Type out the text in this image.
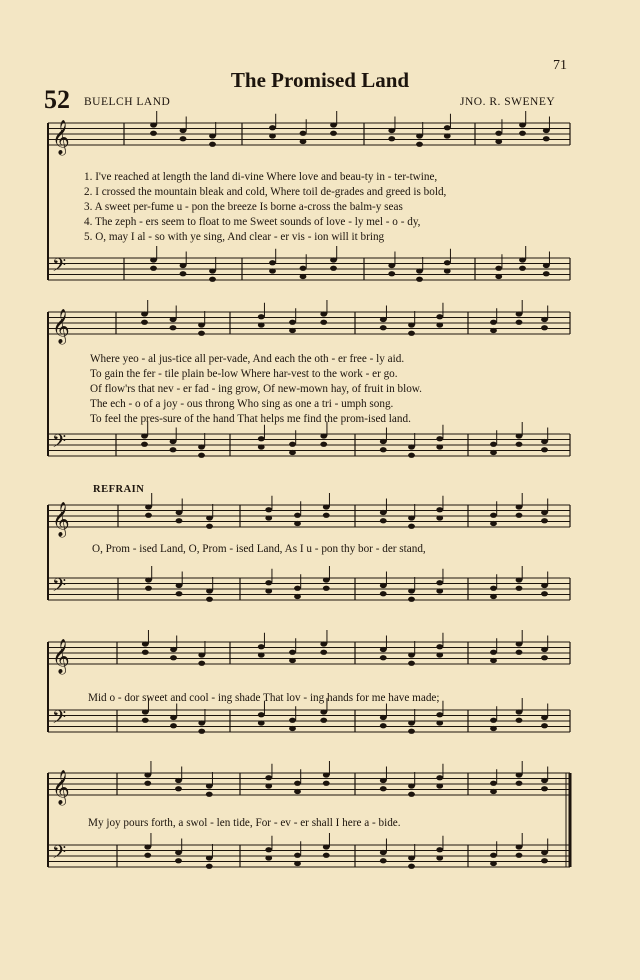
𝄞
𝄢
𝄞
𝄢
𝄞
𝄢
𝄞
𝄢
𝄞
𝄢
71
The Promised Land
52 BUELCH LAND	JNO. R. SWENEY
1. I've reached at length the land di-vine Where love and beau-ty in - ter-twine,
2. I crossed the mountain bleak and cold, Where toil de-grades and greed is bold,
3. A sweet per-fume u - pon the breeze Is borne a-cross the balm-y seas
4. The zeph - ers seem to float to me Sweet sounds of love - ly mel - o - dy,
5. O, may I al - so with ye sing, And clear - er vis - ion will it bring
Where yeo - al jus-tice all per-vade, And each the oth - er free - ly aid.
To gain the fer - tile plain be-low Where har-vest to the work - er go.
Of flow'rs that nev - er fad - ing grow, Of new-mown hay, of fruit in blow.
The ech - o of a joy - ous throng Who sing as one a tri - umph song.
To feel the pres-sure of the hand That helps me find the prom-ised land.
REFRAIN
O, Prom - ised Land, O, Prom - ised Land, As I u - pon thy bor - der stand,
Mid o - dor sweet and cool - ing shade That lov - ing hands for me have made;
My joy pours forth, a swol - len tide, For - ev - er shall I here a - bide.
